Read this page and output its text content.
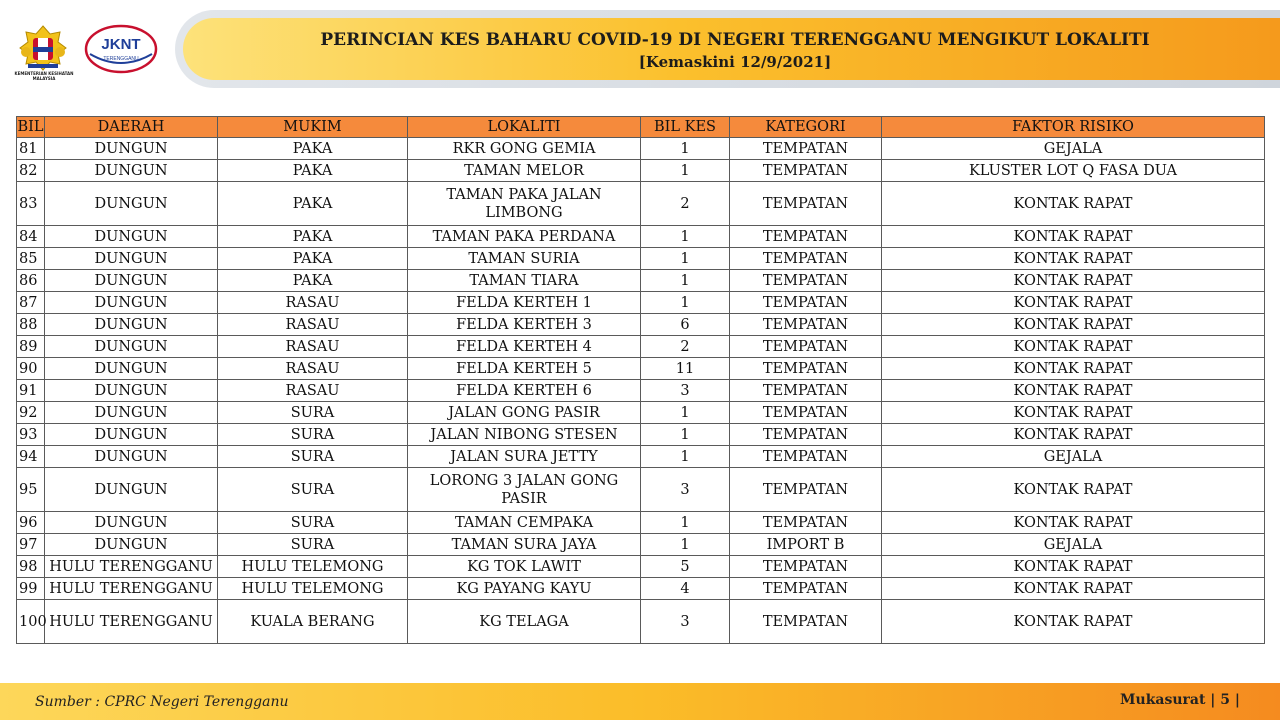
PERINCIAN KES BAHARU COVID-19 DI NEGERI TERENGGANU MENGIKUT LOKALITI
[Kemaskini 12/9/2021]
KEMENTERIAN KESIHATAN MALAYSIA
JKNT
TERENGGANU
BIL	DAERAH	MUKIM	LOKALITI	BIL KES	KATEGORI	FAKTOR RISIKO
81	DUNGUN	PAKA	RKR GONG GEMIA	1	TEMPATAN	GEJALA
82	DUNGUN	PAKA	TAMAN MELOR	1	TEMPATAN	KLUSTER LOT Q FASA DUA
83	DUNGUN	PAKA	TAMAN PAKA JALAN LIMBONG	2	TEMPATAN	KONTAK RAPAT
84	DUNGUN	PAKA	TAMAN PAKA PERDANA	1	TEMPATAN	KONTAK RAPAT
85	DUNGUN	PAKA	TAMAN SURIA	1	TEMPATAN	KONTAK RAPAT
86	DUNGUN	PAKA	TAMAN TIARA	1	TEMPATAN	KONTAK RAPAT
87	DUNGUN	RASAU	FELDA KERTEH 1	1	TEMPATAN	KONTAK RAPAT
88	DUNGUN	RASAU	FELDA KERTEH 3	6	TEMPATAN	KONTAK RAPAT
89	DUNGUN	RASAU	FELDA KERTEH 4	2	TEMPATAN	KONTAK RAPAT
90	DUNGUN	RASAU	FELDA KERTEH 5	11	TEMPATAN	KONTAK RAPAT
91	DUNGUN	RASAU	FELDA KERTEH 6	3	TEMPATAN	KONTAK RAPAT
92	DUNGUN	SURA	JALAN GONG PASIR	1	TEMPATAN	KONTAK RAPAT
93	DUNGUN	SURA	JALAN NIBONG STESEN	1	TEMPATAN	KONTAK RAPAT
94	DUNGUN	SURA	JALAN SURA JETTY	1	TEMPATAN	GEJALA
95	DUNGUN	SURA	LORONG 3 JALAN GONG PASIR	3	TEMPATAN	KONTAK RAPAT
96	DUNGUN	SURA	TAMAN CEMPAKA	1	TEMPATAN	KONTAK RAPAT
97	DUNGUN	SURA	TAMAN SURA JAYA	1	IMPORT B	GEJALA
98	HULU TERENGGANU	HULU TELEMONG	KG TOK LAWIT	5	TEMPATAN	KONTAK RAPAT
99	HULU TERENGGANU	HULU TELEMONG	KG PAYANG KAYU	4	TEMPATAN	KONTAK RAPAT
100	HULU TERENGGANU	KUALA BERANG	KG TELAGA	3	TEMPATAN	KONTAK RAPAT
Sumber : CPRC Negeri Terengganu	Mukasurat | 5 |
